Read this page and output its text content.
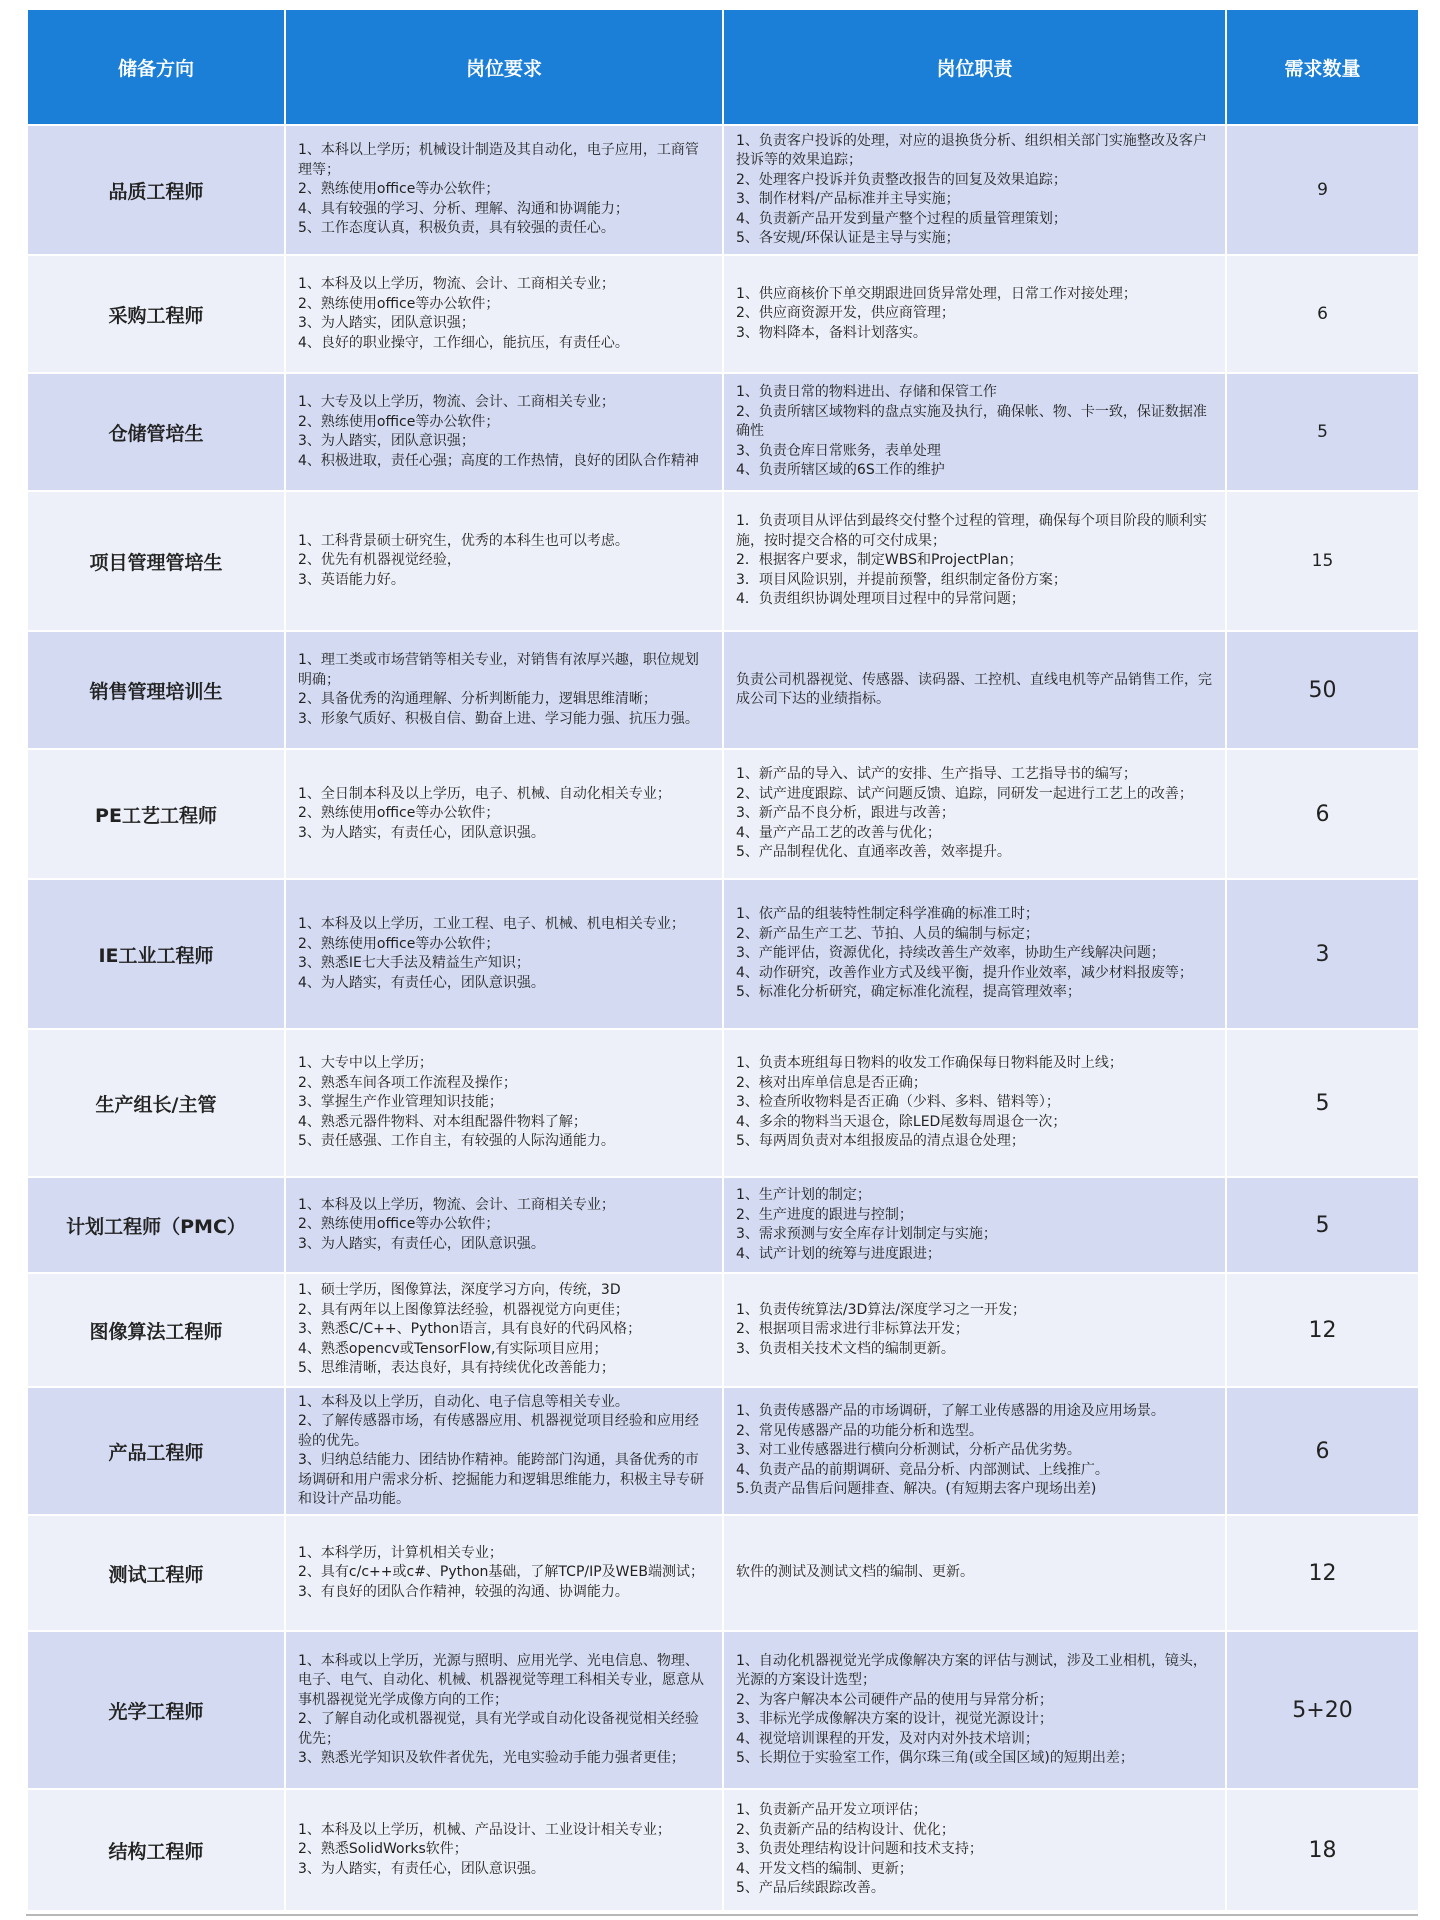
储备方向	岗位要求	岗位职责	需求数量
品质工程师	1、本科以上学历；机械设计制造及其自动化，电子应用，工商管理等；
2、熟练使用office等办公软件；
4、具有较强的学习、分析、理解、沟通和协调能力；
5、工作态度认真，积极负责，具有较强的责任心。	1、负责客户投诉的处理，对应的退换货分析、组织相关部门实施整改及客户投诉等的效果追踪；
2、处理客户投诉并负责整改报告的回复及效果追踪；
3、制作材料/产品标准并主导实施；
4、负责新产品开发到量产整个过程的质量管理策划；
5、各安规/环保认证是主导与实施；	9
采购工程师	1、本科及以上学历，物流、会计、工商相关专业；
2、熟练使用office等办公软件；
3、为人踏实，团队意识强；
4、良好的职业操守，工作细心，能抗压，有责任心。	1、供应商核价下单交期跟进回货异常处理，日常工作对接处理；
2、供应商资源开发，供应商管理；
3、物料降本，备料计划落实。	6
仓储管培生	1、大专及以上学历，物流、会计、工商相关专业；
2、熟练使用office等办公软件；
3、为人踏实，团队意识强；
4、积极进取，责任心强；高度的工作热情，良好的团队合作精神	1、负责日常的物料进出、存储和保管工作
2、负责所辖区域物料的盘点实施及执行，确保帐、物、卡一致，保证数据准确性
3、负责仓库日常账务，表单处理
4、负责所辖区域的6S工作的维护	5
项目管理管培生	1、工科背景硕士研究生，优秀的本科生也可以考虑。
2、优先有机器视觉经验，
3、英语能力好。	1．负责项目从评估到最终交付整个过程的管理，确保每个项目阶段的顺利实施，按时提交合格的可交付成果；
2．根据客户要求，制定WBS和ProjectPlan；
3．项目风险识别，并提前预警，组织制定备份方案；
4．负责组织协调处理项目过程中的异常问题；	15
销售管理培训生	1、理工类或市场营销等相关专业，对销售有浓厚兴趣，职位规划明确；
2、具备优秀的沟通理解、分析判断能力，逻辑思维清晰；
3、形象气质好、积极自信、勤奋上进、学习能力强、抗压力强。	负责公司机器视觉、传感器、读码器、工控机、直线电机等产品销售工作，完成公司下达的业绩指标。	50
PE工艺工程师	1、全日制本科及以上学历，电子、机械、自动化相关专业；
2、熟练使用office等办公软件；
3、为人踏实，有责任心，团队意识强。	1、新产品的导入、试产的安排、生产指导、工艺指导书的编写；
2、试产进度跟踪、试产问题反馈、追踪，同研发一起进行工艺上的改善；
3、新产品不良分析，跟进与改善；
4、量产产品工艺的改善与优化；
5、产品制程优化、直通率改善，效率提升。	6
IE工业工程师	1、本科及以上学历，工业工程、电子、机械、机电相关专业；
2、熟练使用office等办公软件；
3、熟悉IE七大手法及精益生产知识；
4、为人踏实，有责任心，团队意识强。	1、依产品的组装特性制定科学准确的标准工时；
2、新产品生产工艺、节拍、人员的编制与标定；
3、产能评估，资源优化，持续改善生产效率，协助生产线解决问题；
4、动作研究，改善作业方式及线平衡，提升作业效率，减少材料报废等；
5、标准化分析研究，确定标准化流程，提高管理效率；	3
生产组长/主管	1、大专中以上学历；
2、熟悉车间各项工作流程及操作；
3、掌握生产作业管理知识技能；
4、熟悉元器件物料、对本组配器件物料了解；
5、责任感强、工作自主，有较强的人际沟通能力。	1、负责本班组每日物料的收发工作确保每日物料能及时上线；
2、核对出库单信息是否正确；
3、检查所收物料是否正确（少料、多料、错料等）；
4、多余的物料当天退仓，除LED尾数每周退仓一次；
5、每两周负责对本组报废品的清点退仓处理；	5
计划工程师（PMC）	1、本科及以上学历，物流、会计、工商相关专业；
2、熟练使用office等办公软件；
3、为人踏实，有责任心，团队意识强。	1、生产计划的制定；
2、生产进度的跟进与控制；
3、需求预测与安全库存计划制定与实施；
4、试产计划的统筹与进度跟进；	5
图像算法工程师	1、硕士学历，图像算法，深度学习方向，传统，3D
2、具有两年以上图像算法经验，机器视觉方向更佳；
3、熟悉C/C++、Python语言，具有良好的代码风格；
4、熟悉opencv或TensorFlow,有实际项目应用；
5、思维清晰，表达良好，具有持续优化改善能力；	1、负责传统算法/3D算法/深度学习之一开发；
2、根据项目需求进行非标算法开发；
3、负责相关技术文档的编制更新。	12
产品工程师	1、本科及以上学历，自动化、电子信息等相关专业。
2、了解传感器市场，有传感器应用、机器视觉项目经验和应用经验的优先。
3、归纳总结能力、团结协作精神。能跨部门沟通，具备优秀的市场调研和用户需求分析、挖掘能力和逻辑思维能力，积极主导专研和设计产品功能。	1、负责传感器产品的市场调研，了解工业传感器的用途及应用场景。
2、常见传感器产品的功能分析和选型。
3、对工业传感器进行横向分析测试，分析产品优劣势。
4、负责产品的前期调研、竞品分析、内部测试、上线推广。
5.负责产品售后问题排查、解决。(有短期去客户现场出差)	6
测试工程师	1、本科学历，计算机相关专业；
2、具有c/c++或c#、Python基础，了解TCP/IP及WEB端测试；
3、有良好的团队合作精神，较强的沟通、协调能力。	软件的测试及测试文档的编制、更新。	12
光学工程师	1、本科或以上学历，光源与照明、应用光学、光电信息、物理、电子、电气、自动化、机械、机器视觉等理工科相关专业，愿意从事机器视觉光学成像方向的工作；
2、了解自动化或机器视觉，具有光学或自动化设备视觉相关经验优先；
3、熟悉光学知识及软件者优先，光电实验动手能力强者更佳；	1、自动化机器视觉光学成像解决方案的评估与测试，涉及工业相机，镜头，光源的方案设计选型；
2、为客户解决本公司硬件产品的使用与异常分析；
3、非标光学成像解决方案的设计，视觉光源设计；
4、视觉培训课程的开发，及对内对外技术培训；
5、长期位于实验室工作，偶尔珠三角(或全国区域)的短期出差；	5+20
结构工程师	1、本科及以上学历，机械、产品设计、工业设计相关专业；
2、熟悉SolidWorks软件；
3、为人踏实，有责任心，团队意识强。	1、负责新产品开发立项评估；
2、负责新产品的结构设计、优化；
3、负责处理结构设计问题和技术支持；
4、开发文档的编制、更新；
5、产品后续跟踪改善。	18
